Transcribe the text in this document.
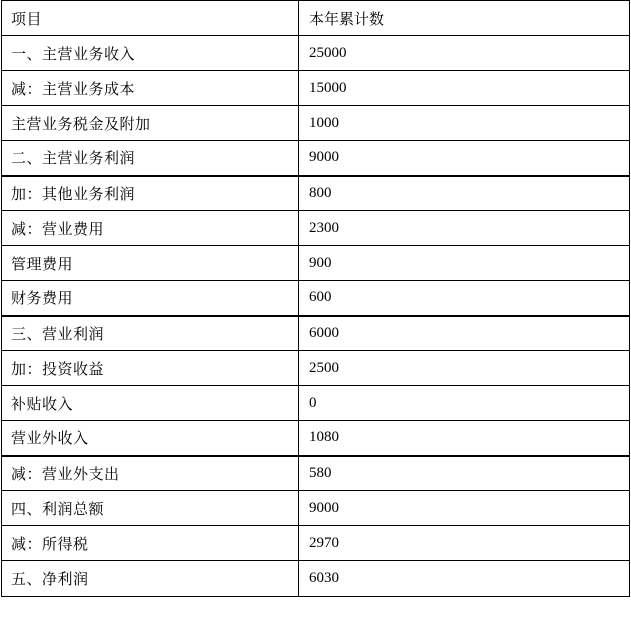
项目	本年累计数
一、主营业务收入	25000
减：主营业务成本	15000
主营业务税金及附加	1000
二、主营业务利润	9000
加：其他业务利润	800
减：营业费用	2300
管理费用	900
财务费用	600
三、营业利润	6000
加：投资收益	2500
补贴收入	0
营业外收入	1080
减：营业外支出	580
四、利润总额	9000
减：所得税	2970
五、净利润	6030
